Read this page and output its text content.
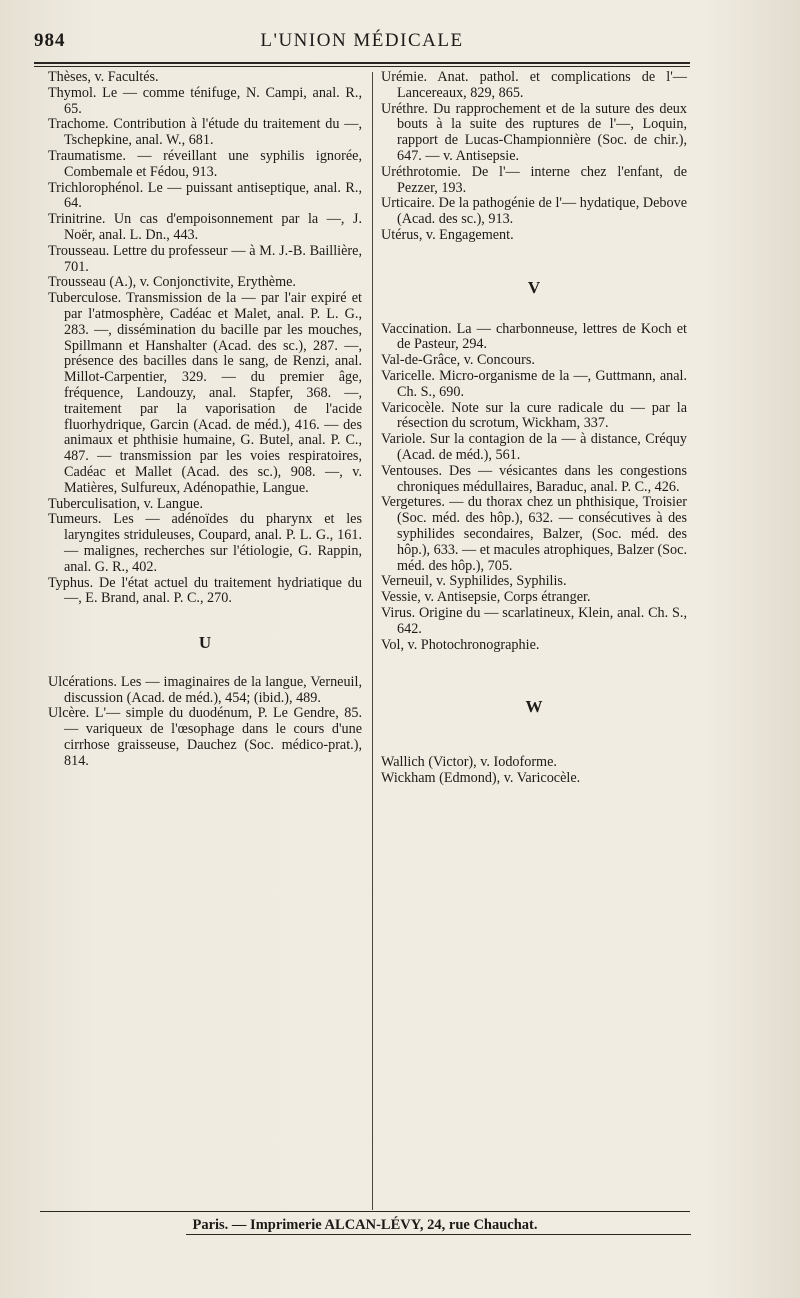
984	L'UNION MÉDICALE
Thèses, v. Facultés.
Thymol. Le — comme ténifuge, N. Campi, anal. R., 65.
Trachome. Contribution à l'étude du traitement du —, Tschepkine, anal. W., 681.
Traumatisme. — réveillant une syphilis ignorée, Combemale et Fédou, 913.
Trichlorophénol. Le — puissant antiseptique, anal. R., 64.
Trinitrine. Un cas d'empoisonnement par la —, J. Noër, anal. L. Dn., 443.
Trousseau. Lettre du professeur — à M. J.-B. Baillière, 701.
Trousseau (A.), v. Conjonctivite, Erythème.
Tuberculose. Transmission de la — par l'air expiré et par l'atmosphère, Cadéac et Malet, anal. P. L. G., 283. —, dissémination du bacille par les mouches, Spillmann et Hanshalter (Acad. des sc.), 287. —, présence des bacilles dans le sang, de Renzi, anal. Millot-Carpentier, 329. — du premier âge, fréquence, Landouzy, anal. Stapfer, 368. —, traitement par la vaporisation de l'acide fluorhydrique, Garcin (Acad. de méd.), 416. — des animaux et phthisie humaine, G. Butel, anal. P. C., 487. — transmission par les voies respiratoires, Cadéac et Mallet (Acad. des sc.), 908. —, v. Matières, Sulfureux, Adénopathie, Langue.
Tuberculisation, v. Langue.
Tumeurs. Les — adénoïdes du pharynx et les laryngites striduleuses, Coupard, anal. P. L. G., 161. — malignes, recherches sur l'étiologie, G. Rappin, anal. G. R., 402.
Typhus. De l'état actuel du traitement hydriatique du —, E. Brand, anal. P. C., 270.
U
Ulcérations. Les — imaginaires de la langue, Verneuil, discussion (Acad. de méd.), 454; (ibid.), 489.
Ulcère. L'— simple du duodénum, P. Le Gendre, 85. — variqueux de l'œsophage dans le cours d'une cirrhose graisseuse, Dauchez (Soc. médico-prat.), 814.
Urémie. Anat. pathol. et complications de l'— Lancereaux, 829, 865.
Uréthre. Du rapprochement et de la suture des deux bouts à la suite des ruptures de l'—, Loquin, rapport de Lucas-Championnière (Soc. de chir.), 647. — v. Antisepsie.
Uréthrotomie. De l'— interne chez l'enfant, de Pezzer, 193.
Urticaire. De la pathogénie de l'— hydatique, Debove (Acad. des sc.), 913.
Utérus, v. Engagement.
V
Vaccination. La — charbonneuse, lettres de Koch et de Pasteur, 294.
Val-de-Grâce, v. Concours.
Varicelle. Micro-organisme de la —, Guttmann, anal. Ch. S., 690.
Varicocèle. Note sur la cure radicale du — par la résection du scrotum, Wickham, 337.
Variole. Sur la contagion de la — à distance, Créquy (Acad. de méd.), 561.
Ventouses. Des — vésicantes dans les congestions chroniques médullaires, Baraduc, anal. P. C., 426.
Vergetures. — du thorax chez un phthisique, Troisier (Soc. méd. des hôp.), 632. — consécutives à des syphilides secondaires, Balzer, (Soc. méd. des hôp.), 633. — et macules atrophiques, Balzer (Soc. méd. des hôp.), 705.
Verneuil, v. Syphilides, Syphilis.
Vessie, v. Antisepsie, Corps étranger.
Virus. Origine du — scarlatineux, Klein, anal. Ch. S., 642.
Vol, v. Photochronographie.
W
Wallich (Victor), v. Iodoforme.
Wickham (Edmond), v. Varicocèle.
Paris. — Imprimerie ALCAN-LÉVY, 24, rue Chauchat.
